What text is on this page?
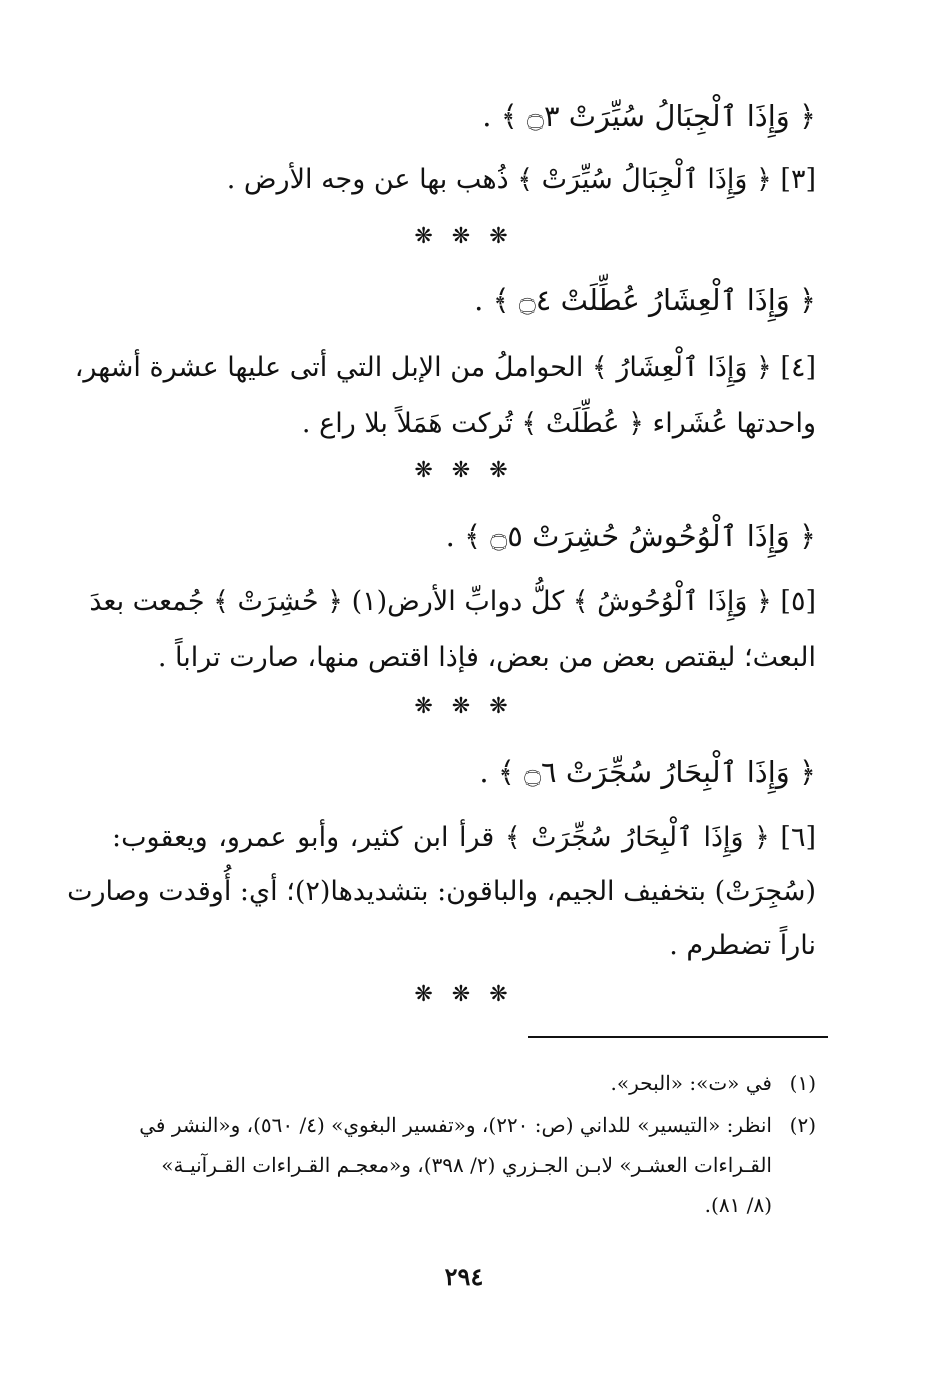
﴿ وَإِذَا ٱلْجِبَالُ سُيِّرَتْ ۝٣ ﴾ .
[٣] ﴿ وَإِذَا ٱلْجِبَالُ سُيِّرَتْ ﴾ ذُهب بها عن وجه الأرض .
❋ ❋ ❋
﴿ وَإِذَا ٱلْعِشَارُ عُطِّلَتْ ۝٤ ﴾ .
[٤] ﴿ وَإِذَا ٱلْعِشَارُ ﴾ الحواملُ من الإبل التي أتى عليها عشرة أشهر،
واحدتها عُشَراء ﴿ عُطِّلَتْ ﴾ تُركت هَمَلاً بلا راع .
❋ ❋ ❋
﴿ وَإِذَا ٱلْوُحُوشُ حُشِرَتْ ۝٥ ﴾ .
[٥] ﴿ وَإِذَا ٱلْوُحُوشُ ﴾ كلُّ دوابِّ الأرض(١) ﴿ حُشِرَتْ ﴾ جُمعت بعدَ
البعث؛ ليقتص بعض من بعض، فإذا اقتص منها، صارت تراباً .
❋ ❋ ❋
﴿ وَإِذَا ٱلْبِحَارُ سُجِّرَتْ ۝٦ ﴾ .
[٦] ﴿ وَإِذَا ٱلْبِحَارُ سُجِّرَتْ ﴾ قرأ ابن كثير، وأبو عمرو، ويعقوب:
(سُجِرَتْ) بتخفيف الجيم، والباقون: بتشديدها(٢)؛ أي: أُوقدت وصارت
ناراً تضطرم .
❋ ❋ ❋
(١)في «ت»: «البحر».
(٢)انظر: «التيسير» للداني (ص: ٢٢٠)، و«تفسير البغوي» (٤/ ٥٦٠)، و«النشر في
القـراءات العشـر» لابـن الجـزري (٢/ ٣٩٨)، و«معجـم القـراءات القـرآنيـة»
(٨/ ٨١).
٢٩٤
